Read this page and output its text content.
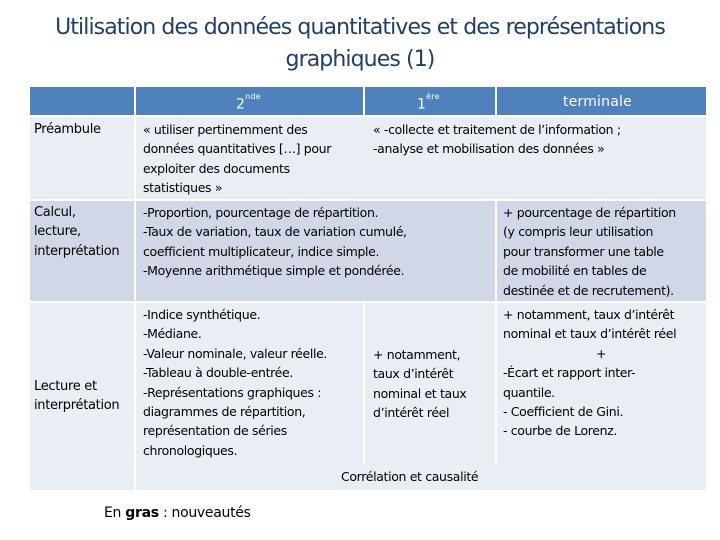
Utilisation des données quantitatives et des représentations
graphiques (1)
2nde
1ère	terminale
Préambule	« utiliser pertinemment des
données quantitatives […] pour
exploiter des documents
statistiques »
« -collecte et traitement de l’information ;
-analyse et mobilisation des données »
Calcul,
lecture,
interprétation
-Proportion, pourcentage de répartition.
-Taux de variation, taux de variation cumulé,
coefficient multiplicateur, indice simple.
-Moyenne arithmétique simple et pondérée.
+ pourcentage de répartition
(y compris leur utilisation
pour transformer une table
de mobilité en tables de
destinée et de recrutement).
Lecture et
interprétation
-Indice synthétique.
-Médiane.
-Valeur nominale, valeur réelle.
-Tableau à double-entrée.
-Représentations graphiques :
diagrammes de répartition,
représentation de séries
chronologiques.
+ notamment,
taux d’intérêt
nominal et taux
d’intérêt réel
+ notamment, taux d’intérêt
nominal et taux d’intérêt réel
+
-Écart et rapport inter-
quantile.
- Coefficient de Gini.
- courbe de Lorenz.
Corrélation et causalité
En gras : nouveautés
